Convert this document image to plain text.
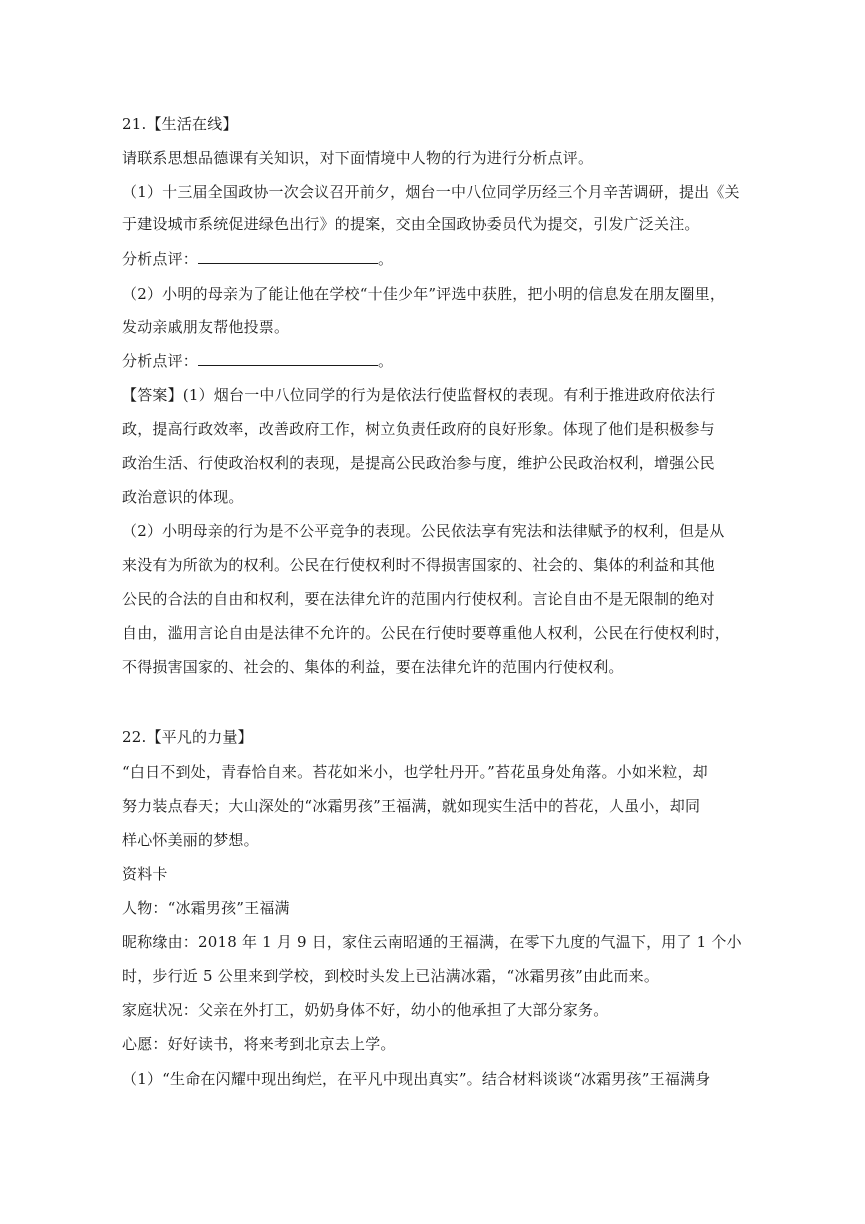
21.【生活在线】
请联系思想品德课有关知识，对下面情境中人物的行为进行分析点评。
（1）十三届全国政协一次会议召开前夕，烟台一中八位同学历经三个月辛苦调研，提出《关
于建设城市系统促进绿色出行》的提案，交由全国政协委员代为提交，引发广泛关注。
分析点评：	。
（2）小明的母亲为了能让他在学校“十佳少年”评选中获胜，把小明的信息发在朋友圈里，
发动亲戚朋友帮他投票。
分析点评：	。
【答案】(1）烟台一中八位同学的行为是依法行使监督权的表现。有利于推进政府依法行
政，提高行政效率，改善政府工作，树立负责任政府的良好形象。体现了他们是积极参与
政治生活、行使政治权利的表现，是提高公民政治参与度，维护公民政治权利，增强公民
政治意识的体现。
（2）小明母亲的行为是不公平竞争的表现。公民依法享有宪法和法律赋予的权利，但是从
来没有为所欲为的权利。公民在行使权利时不得损害国家的、社会的、集体的利益和其他
公民的合法的自由和权利，要在法律允许的范围内行使权利。言论自由不是无限制的绝对
自由，滥用言论自由是法律不允许的。公民在行使时要尊重他人权利，公民在行使权利时，
不得损害国家的、社会的、集体的利益，要在法律允许的范围内行使权利。
22.【平凡的力量】
“白日不到处，青春恰自来。苔花如米小，也学牡丹开。”苔花虽身处角落。小如米粒，却
努力装点春天；大山深处的“冰霜男孩”王福满，就如现实生活中的苔花，人虽小，却同
样心怀美丽的梦想。
资料卡
人物：“冰霜男孩”王福满
昵称缘由：2018 年 1 月 9 日，家住云南昭通的王福满，在零下九度的气温下，用了 1 个小
时，步行近 5 公里来到学校，到校时头发上已沾满冰霜，“冰霜男孩”由此而来。
家庭状况：父亲在外打工，奶奶身体不好，幼小的他承担了大部分家务。
心愿：好好读书，将来考到北京去上学。
（1）“生命在闪耀中现出绚烂，在平凡中现出真实”。结合材料谈谈“冰霜男孩”王福满身
